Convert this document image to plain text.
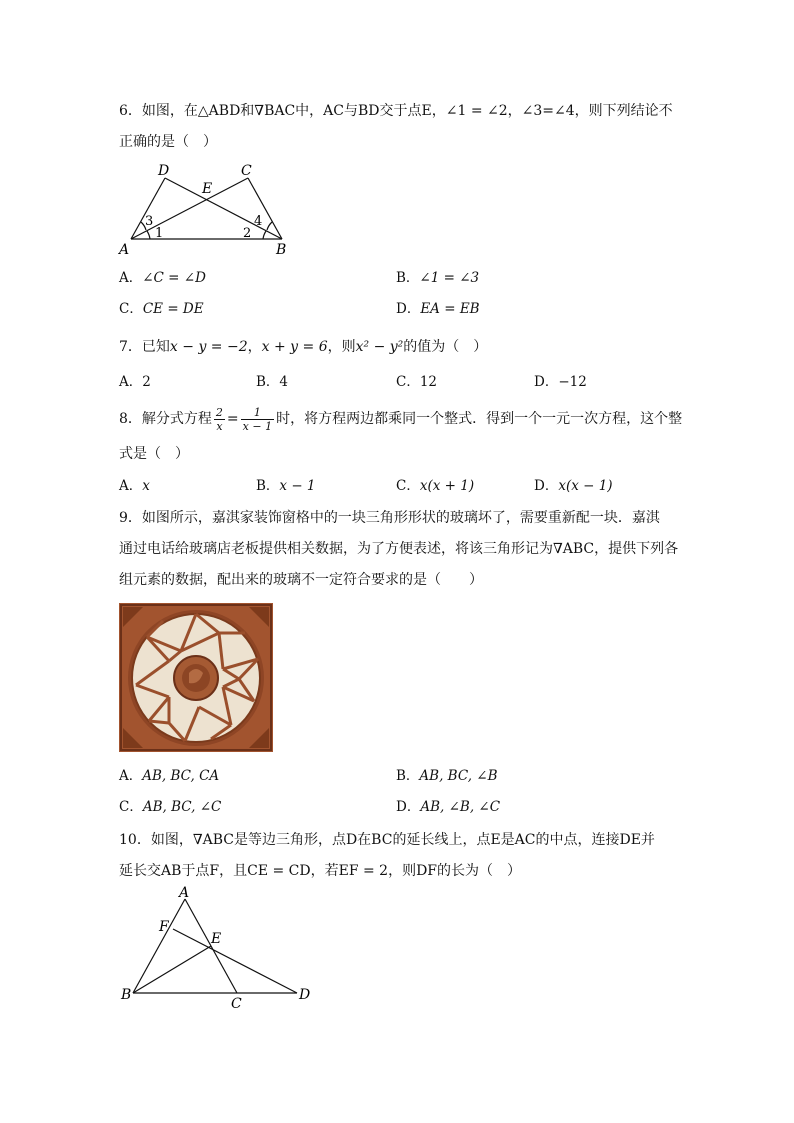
6．如图，在△ABD和∇BAC中，AC与BD交于点E，∠1 = ∠2，∠3=∠4，则下列结论不
正确的是（　）
D	C
E
A	B
1	2
3	4
A．∠C = ∠D	B．∠1 = ∠3
C．CE = DE	D．EA = EB
7．已知x − y = −2，x + y = 6，则x² − y²的值为（　）
A．2	B．4	C．12	D．−12
8．解分式方程 $\frac{2}{x} = \frac{1}{x - 1}$ 时，将方程两边都乘同一个整式．得到一个一元一次方程，这个整
式是（　）
A．x	B．x − 1	C．x(x + 1)	D．x(x − 1)
9．如图所示，嘉淇家装饰窗格中的一块三角形形状的玻璃坏了，需要重新配一块．嘉淇
通过电话给玻璃店老板提供相关数据，为了方便表述，将该三角形记为∇ABC，提供下列各
组元素的数据，配出来的玻璃不一定符合要求的是（　　）
A．AB, BC, CA	B．AB, BC, ∠B
C．AB, BC, ∠C	D．AB, ∠B, ∠C
10．如图，∇ABC是等边三角形，点D在BC的延长线上，点E是AC的中点，连接DE并
延长交AB于点F，且CE = CD，若EF = 2，则DF的长为（　）
A
F
E
B
C
D
